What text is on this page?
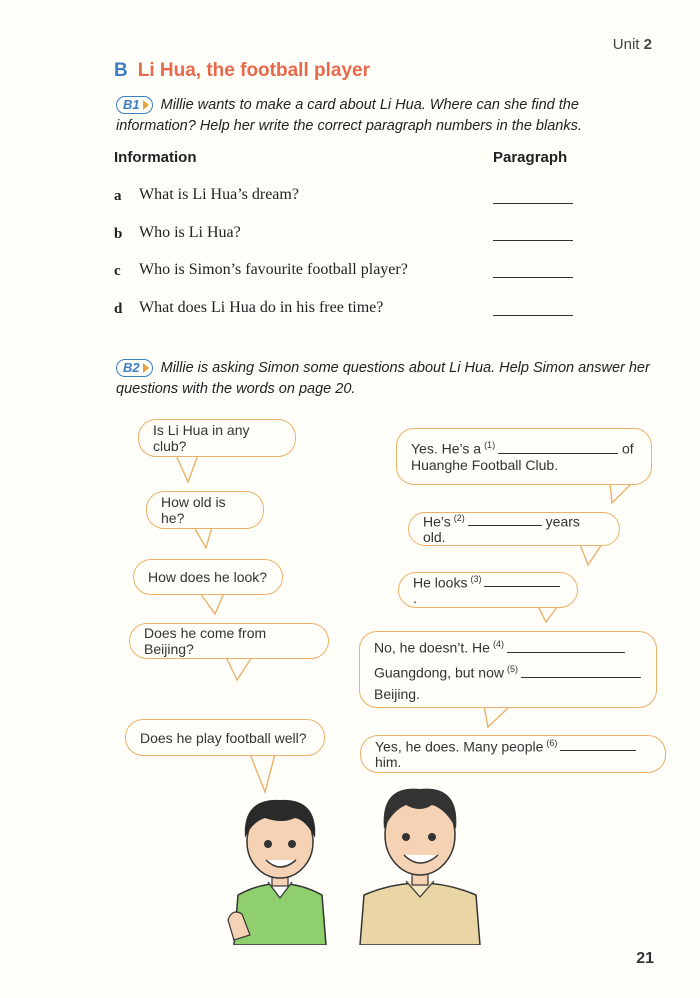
Unit 2
B Li Hua, the football player
B1 Millie wants to make a card about Li Hua. Where can she find the
information? Help her write the correct paragraph numbers in the blanks.
Information	Paragraph
a What is Li Hua’s dream?
b Who is Li Hua?
c Who is Simon’s favourite football player?
d What does Li Hua do in his free time?
B2 Millie is asking Simon some questions about Li Hua. Help Simon answer her
questions with the words on page 20.
Is Li Hua in any club?
How old is he?
How does he look?
Does he come from Beijing?
Does he play football well?
Yes. He’s a $^{(1)}$	of
Huanghe Football Club.
He’s $^{(2)}$	years old.
He looks $^{(3)}$.
No, he doesn’t. He $^{(4)}$
Guangdong, but now $^{(5)}$
Beijing.
Yes, he does. Many people $^{(6)}$ him.
21
